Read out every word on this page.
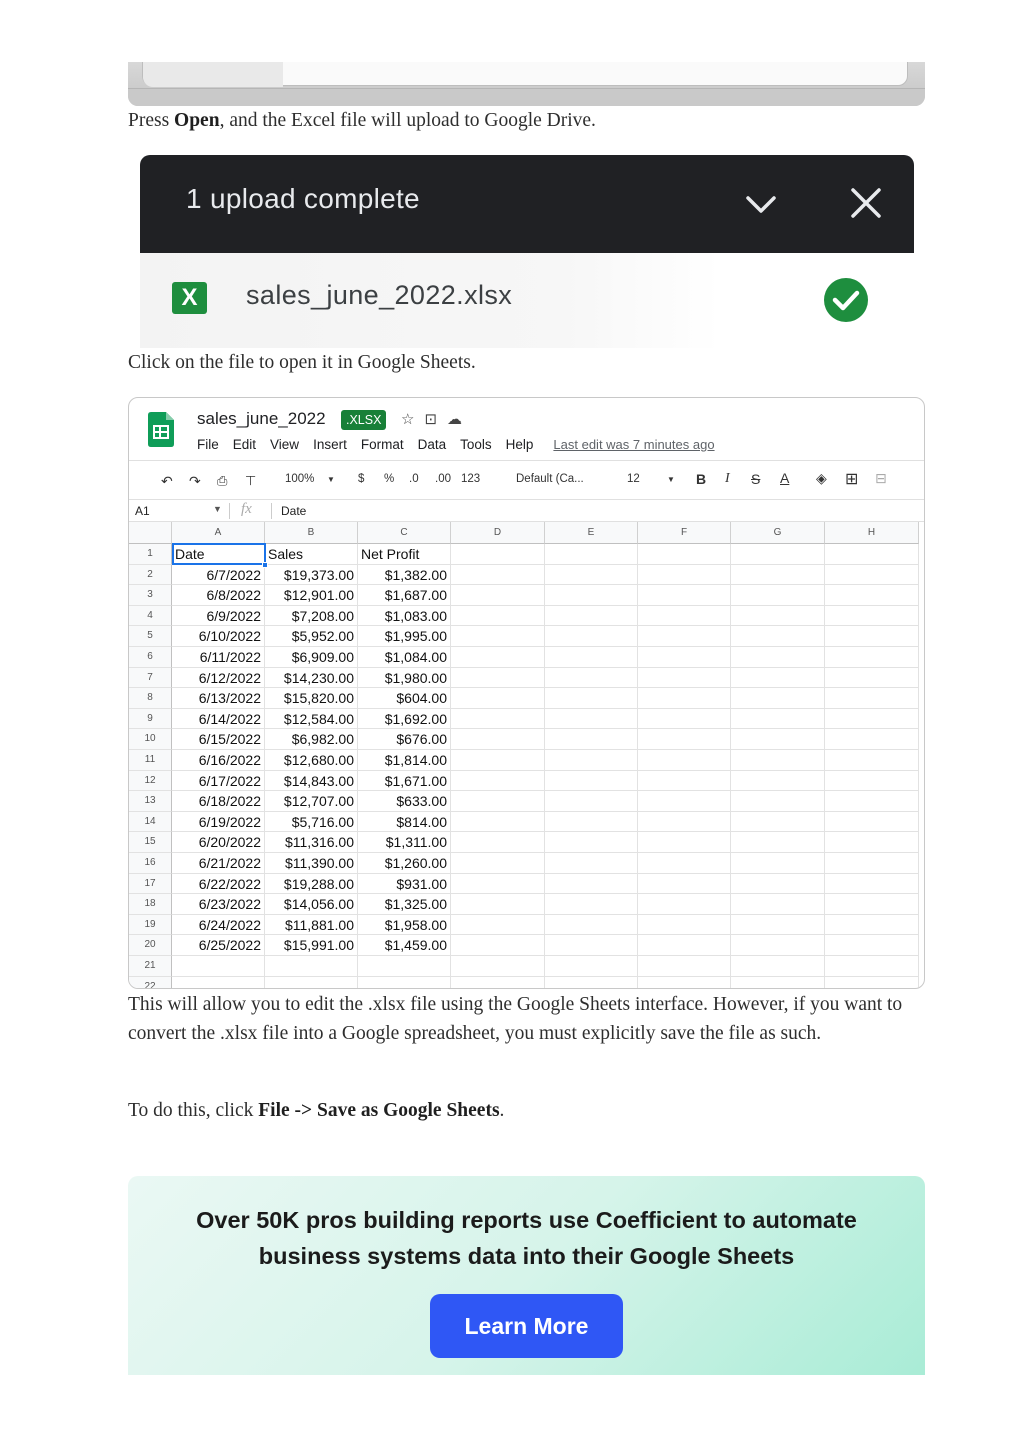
Press Open, and the Excel file will upload to Google Drive.

1 upload complete
X	sales_june_2022.xlsx

Click on the file to open it in Google Sheets.

sales_june_2022	.XLSX	☆⊡☁
File Edit View Insert Format Data Tools Help Last edit was 7 minutes ago
↶ ↷ ⎙ ⊤ 100% ▼ $ % .0 .00 123	Default (Ca...	12	▼ B I S A ◈ ⊞ ⊟
A1	▼ fx Date
A	B	C	D	E	F	G	H
1	Date	Sales	Net Profit
2	6/7/2022	$19,373.00	$1,382.00
3	6/8/2022	$12,901.00	$1,687.00
4	6/9/2022	$7,208.00	$1,083.00
5	6/10/2022	$5,952.00	$1,995.00
6	6/11/2022	$6,909.00	$1,084.00
7	6/12/2022	$14,230.00	$1,980.00
8	6/13/2022	$15,820.00	$604.00
9	6/14/2022	$12,584.00	$1,692.00
10	6/15/2022	$6,982.00	$676.00
11	6/16/2022	$12,680.00	$1,814.00
12	6/17/2022	$14,843.00	$1,671.00
13	6/18/2022	$12,707.00	$633.00
14	6/19/2022	$5,716.00	$814.00
15	6/20/2022	$11,316.00	$1,311.00
16	6/21/2022	$11,390.00	$1,260.00
17	6/22/2022	$19,288.00	$931.00
18	6/23/2022	$14,056.00	$1,325.00
19	6/24/2022	$11,881.00	$1,958.00
20	6/25/2022	$15,991.00	$1,459.00
21
22

This will allow you to edit the .xlsx file using the Google Sheets interface. However, if you want to convert the .xlsx file into a Google spreadsheet, you must explicitly save the file as such.

To do this, click File -> Save as Google Sheets.

Over 50K pros building reports use Coefficient to automate
business systems data into their Google Sheets
Learn More
